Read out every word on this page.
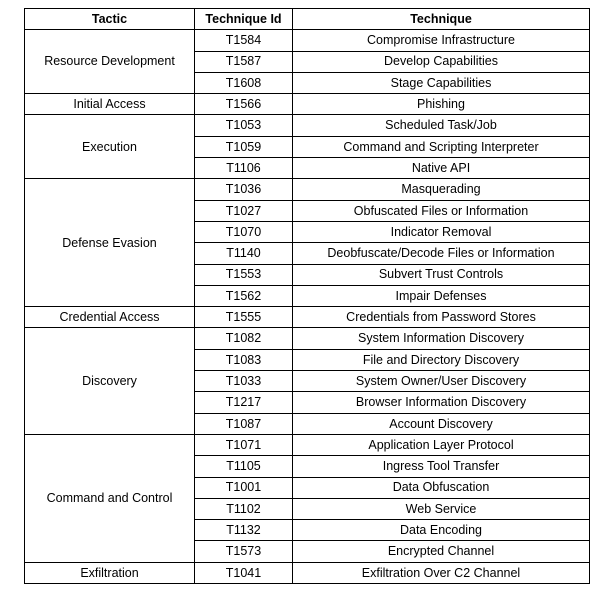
Tactic	Technique Id	Technique
Resource Development	T1584	Compromise Infrastructure
	T1587	Develop Capabilities
	T1608	Stage Capabilities
Initial Access	T1566	Phishing
Execution	T1053	Scheduled Task/Job
	T1059	Command and Scripting Interpreter
	T1106	Native API
Defense Evasion	T1036	Masquerading
	T1027	Obfuscated Files or Information
	T1070	Indicator Removal
	T1140	Deobfuscate/Decode Files or Information
	T1553	Subvert Trust Controls
	T1562	Impair Defenses
Credential Access	T1555	Credentials from Password Stores
Discovery	T1082	System Information Discovery
	T1083	File and Directory Discovery
	T1033	System Owner/User Discovery
	T1217	Browser Information Discovery
	T1087	Account Discovery
Command and Control	T1071	Application Layer Protocol
	T1105	Ingress Tool Transfer
	T1001	Data Obfuscation
	T1102	Web Service
	T1132	Data Encoding
	T1573	Encrypted Channel
Exfiltration	T1041	Exfiltration Over C2 Channel
